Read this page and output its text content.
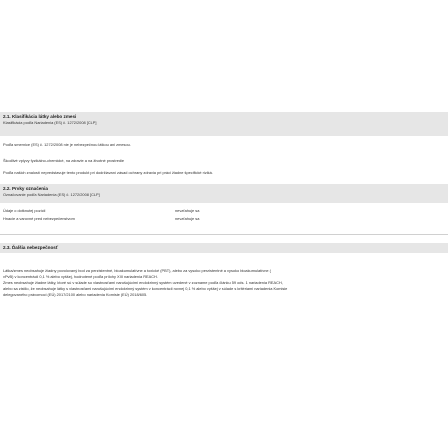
2.1. Klasifikácia látky alebo zmesi
Klasifikácia podľa Nariadenia (ES) č. 1272/2008 [CLP]
Podľa smernice (ES) č. 1272/2008 nie je nebezpečnou látkou ani zmesou.
Škodlivé vplyvy fyzikálno-chemické, na zdravie a na životné prostredie
Podľa našich znalostí nepredstavuje tento produkt pri dodržiavaní zásad ochrany zdravia pri práci žiadne špecifické riziká.
2.2. Prvky označenia
Označovanie podľa Nariadenia (ES) č. 1272/2008 [CLP]
Údaje o dotknutej pozícii	nevzťahuje sa
Hnacie a varovné pred nebezpečenstvom	nevzťahuje sa
2.3. Ďalšia nebezpečnosť
Látka/zmes neobsahuje žiadny povolovaný bod za perzistentné, bioakumulatívne a toxické (PBT), alebo za vysoko perzistentné a vysoko bioakumulatívne (
vPvB) v koncentrácii 0,1 % alebo vyššej, hodnotené podľa prílohy XIII nariadenia REACH.
Zmes neobsahuje žiadne látky, ktoré sú v súlade so vlastnosťami narušujúcimi endokrinný systém uvedené v zozname podľa článku 59 ods. 1 nariadenia REACH,
alebo sa zistilo, že neobsahuje látky s vlastnosťami narušujúcimi endokrinný systém v koncentrácii rovnej 0,1 % alebo vyššej v súlade s kritériami nariadenia Komisie
delegovaného právomoci (EÚ) 2017/2100 alebo nariadenia Komisie (EÚ) 2018/605.
